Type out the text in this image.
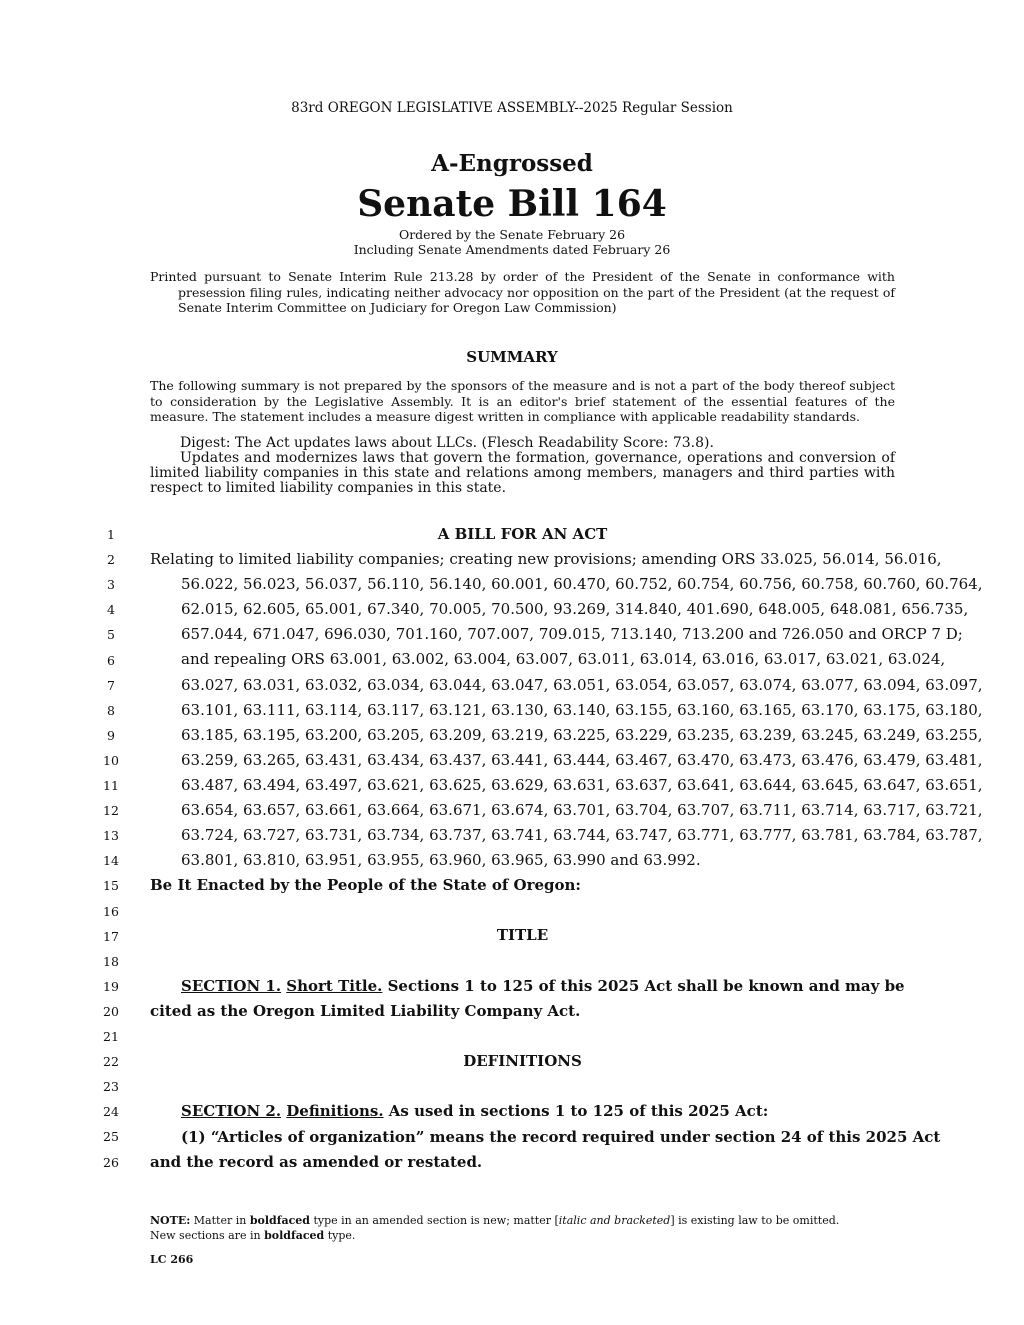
83rd OREGON LEGISLATIVE ASSEMBLY--2025 Regular Session
A-Engrossed
Senate Bill 164
Ordered by the Senate February 26
Including Senate Amendments dated February 26
Printed pursuant to Senate Interim Rule 213.28 by order of the President of the Senate in conformance with presession filing rules, indicating neither advocacy nor opposition on the part of the President (at the request of Senate Interim Committee on Judiciary for Oregon Law Commission)
SUMMARY
The following summary is not prepared by the sponsors of the measure and is not a part of the body thereof subject to consideration by the Legislative Assembly. It is an editor's brief statement of the essential features of the measure. The statement includes a measure digest written in compliance with applicable readability standards.
Digest: The Act updates laws about LLCs. (Flesch Readability Score: 73.8).
Updates and modernizes laws that govern the formation, governance, operations and conversion of limited liability companies in this state and relations among members, managers and third parties with respect to limited liability companies in this state.
1
2
3
4
5
6
7
8
9
10
11
12
13
14
15
16
17
18
19
20
21
22
23
24
25
26
A BILL FOR AN ACT
Relating to limited liability companies; creating new provisions; amending ORS 33.025, 56.014, 56.016,
56.022, 56.023, 56.037, 56.110, 56.140, 60.001, 60.470, 60.752, 60.754, 60.756, 60.758, 60.760, 60.764,
62.015, 62.605, 65.001, 67.340, 70.005, 70.500, 93.269, 314.840, 401.690, 648.005, 648.081, 656.735,
657.044, 671.047, 696.030, 701.160, 707.007, 709.015, 713.140, 713.200 and 726.050 and ORCP 7 D;
and repealing ORS 63.001, 63.002, 63.004, 63.007, 63.011, 63.014, 63.016, 63.017, 63.021, 63.024,
63.027, 63.031, 63.032, 63.034, 63.044, 63.047, 63.051, 63.054, 63.057, 63.074, 63.077, 63.094, 63.097,
63.101, 63.111, 63.114, 63.117, 63.121, 63.130, 63.140, 63.155, 63.160, 63.165, 63.170, 63.175, 63.180,
63.185, 63.195, 63.200, 63.205, 63.209, 63.219, 63.225, 63.229, 63.235, 63.239, 63.245, 63.249, 63.255,
63.259, 63.265, 63.431, 63.434, 63.437, 63.441, 63.444, 63.467, 63.470, 63.473, 63.476, 63.479, 63.481,
63.487, 63.494, 63.497, 63.621, 63.625, 63.629, 63.631, 63.637, 63.641, 63.644, 63.645, 63.647, 63.651,
63.654, 63.657, 63.661, 63.664, 63.671, 63.674, 63.701, 63.704, 63.707, 63.711, 63.714, 63.717, 63.721,
63.724, 63.727, 63.731, 63.734, 63.737, 63.741, 63.744, 63.747, 63.771, 63.777, 63.781, 63.784, 63.787,
63.801, 63.810, 63.951, 63.955, 63.960, 63.965, 63.990 and 63.992.
Be It Enacted by the People of the State of Oregon:
TITLE
SECTION 1. Short Title. Sections 1 to 125 of this 2025 Act shall be known and may be
cited as the Oregon Limited Liability Company Act.
DEFINITIONS
SECTION 2. Definitions. As used in sections 1 to 125 of this 2025 Act:
(1) “Articles of organization” means the record required under section 24 of this 2025 Act
and the record as amended or restated.
NOTE: Matter in boldfaced type in an amended section is new; matter [italic and bracketed] is existing law to be omitted.
New sections are in boldfaced type.
LC 266
